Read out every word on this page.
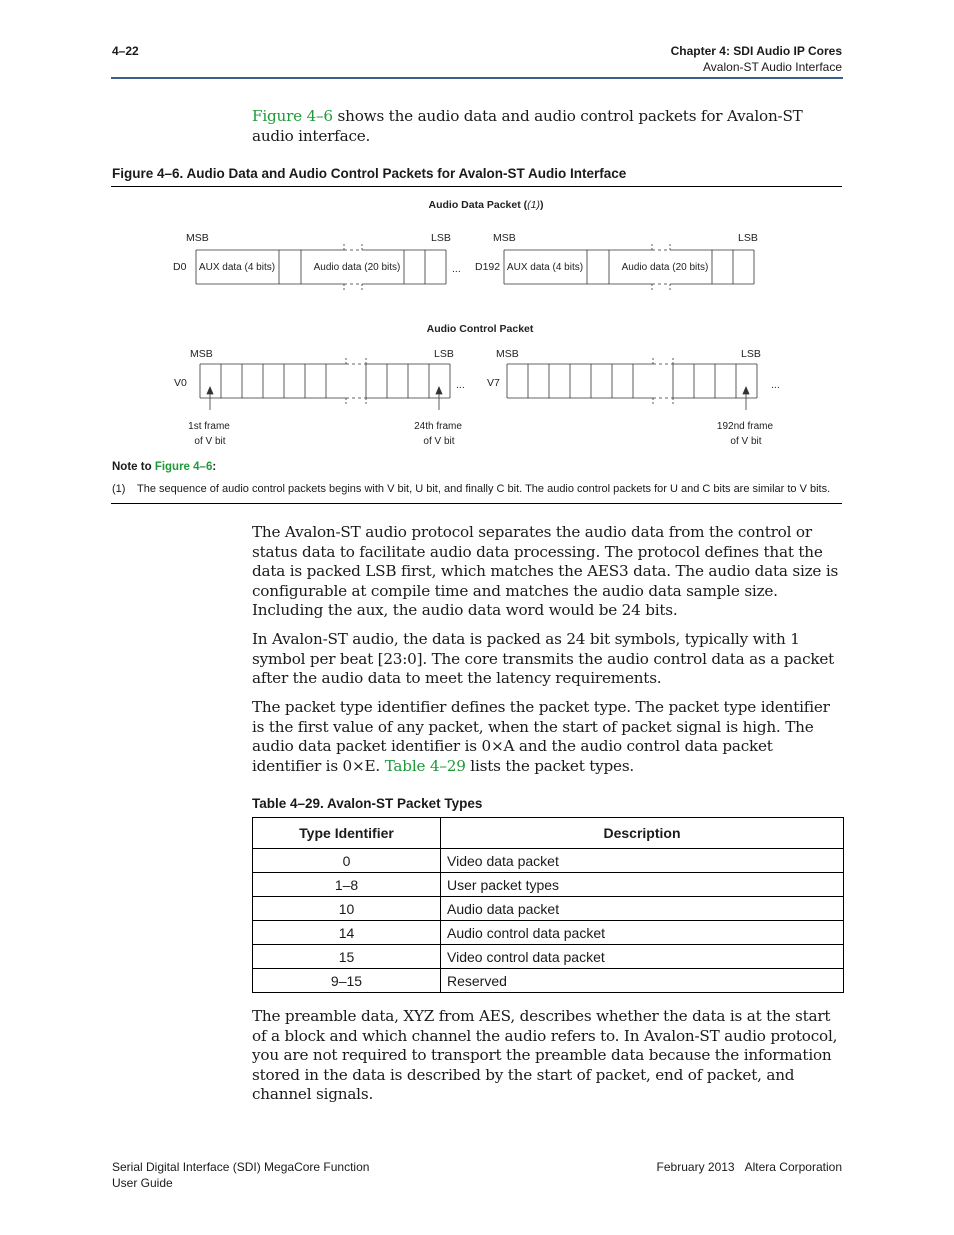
4–22	Chapter 4: SDI Audio IP Cores
Avalon-ST Audio Interface
Figure 4–6 shows the audio data and audio control packets for Avalon-ST audio interface.
Figure 4–6. Audio Data and Audio Control Packets for Avalon-ST Audio Interface
Audio Data Packet ((1))
MSB	LSB	MSB	LSB
D0	D192
...
AUX data (4 bits)	Audio data (20 bits)	AUX data (4 bits)	Audio data (20 bits)
Audio Control Packet
MSB	LSB	MSB	LSB
V0	V7
...	...
1st frame
of V bit
24th frame
of V bit
192nd frame
of V bit
Note to Figure 4–6:
(1) The sequence of audio control packets begins with V bit, U bit, and finally C bit. The audio control packets for U and C bits are similar to V bits.
The Avalon-ST audio protocol separates the audio data from the control or status data to facilitate audio data processing. The protocol defines that the data is packed LSB first, which matches the AES3 data. The audio data size is configurable at compile time and matches the audio data sample size. Including the aux, the audio data word would be 24 bits.
In Avalon-ST audio, the data is packed as 24 bit symbols, typically with 1 symbol per beat [23:0]. The core transmits the audio control data as a packet after the audio data to meet the latency requirements.
The packet type identifier defines the packet type. The packet type identifier is the first value of any packet, when the start of packet signal is high. The audio data packet identifier is 0×A and the audio control data packet identifier is 0×E. Table 4–29 lists the packet types.
Table 4–29. Avalon-ST Packet Types
Type Identifier	Description
0	Video data packet
1–8	User packet types
10	Audio data packet
14	Audio control data packet
15	Video control data packet
9–15	Reserved
The preamble data, XYZ from AES, describes whether the data is at the start of a block and which channel the audio refers to. In Avalon-ST audio protocol, you are not required to transport the preamble data because the information stored in the data is described by the start of packet, end of packet, and channel signals.
Serial Digital Interface (SDI) MegaCore Function
User Guide
February 2013 Altera Corporation
